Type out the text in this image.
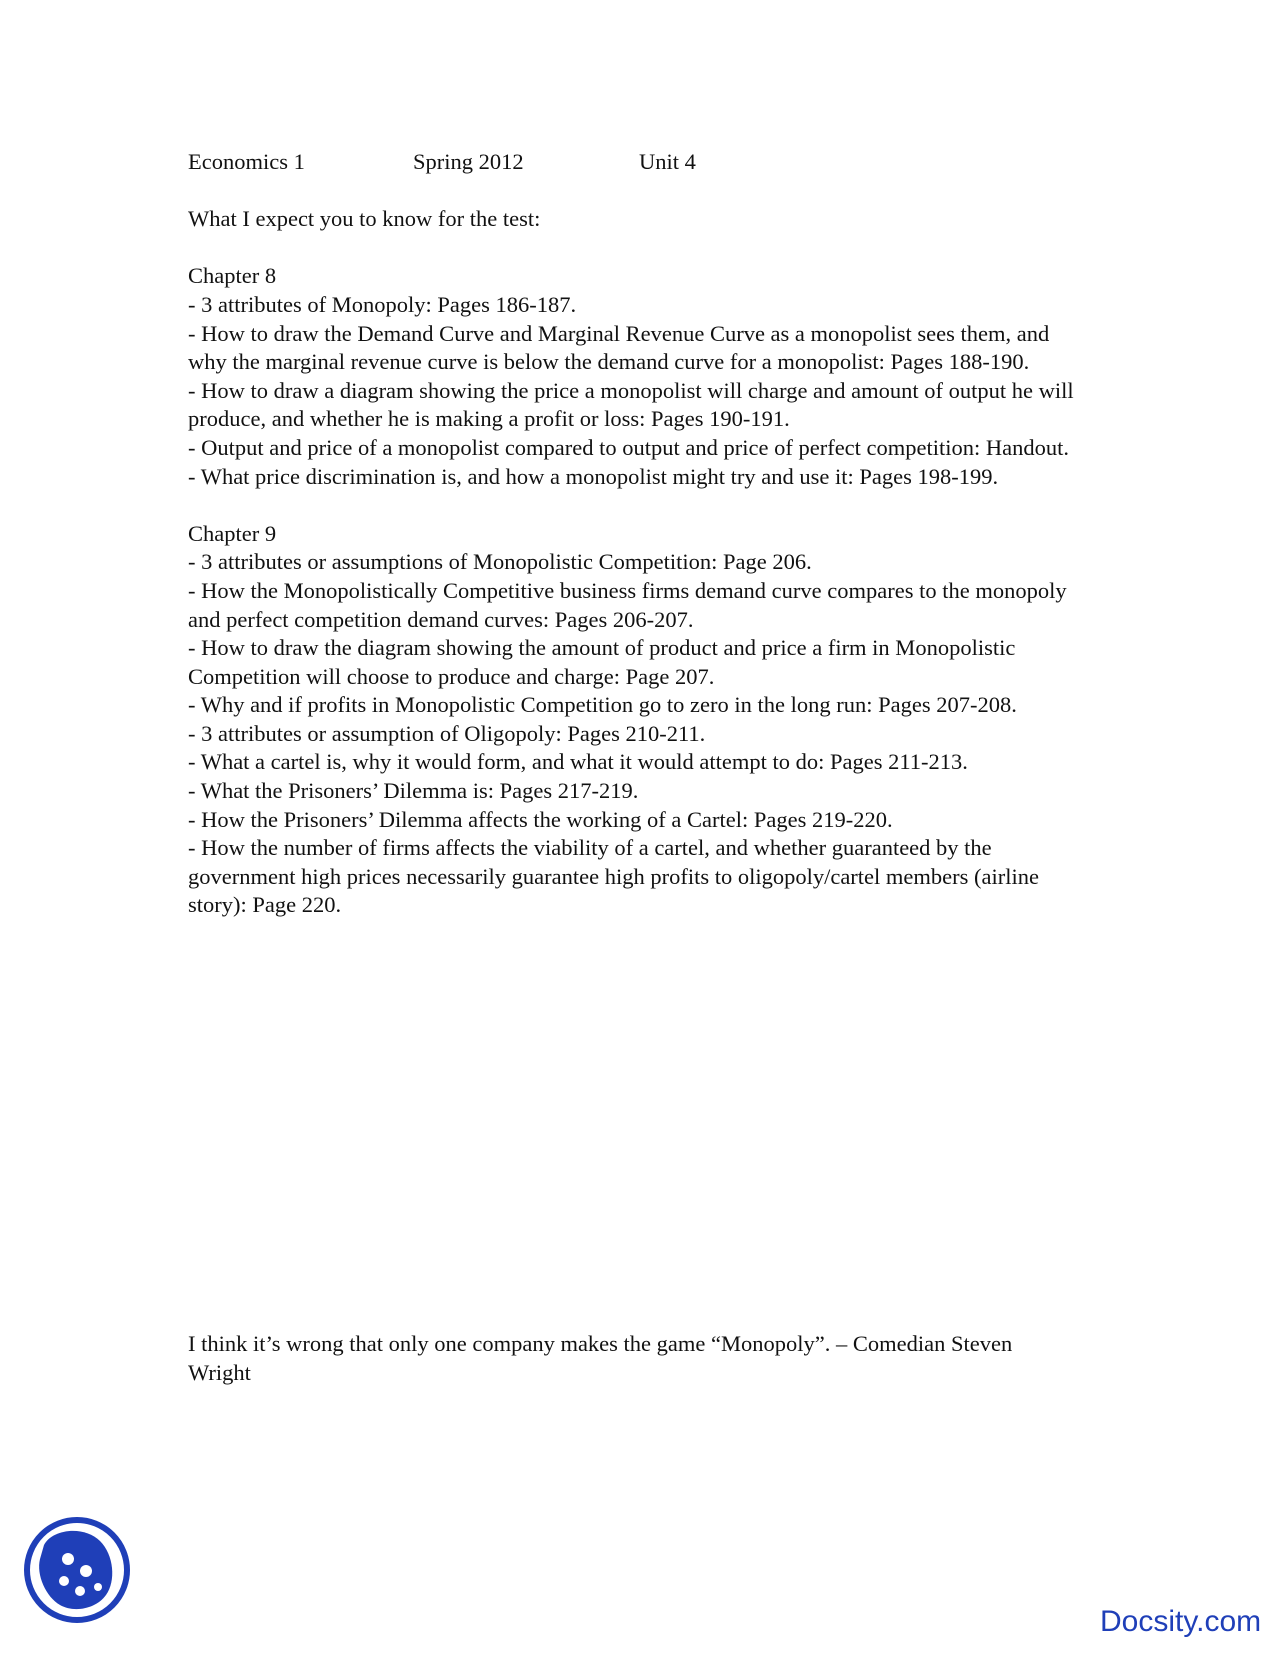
Economics 1	Spring 2012	Unit 4
What I expect you to know for the test:
Chapter 8
- 3 attributes of Monopoly: Pages 186-187.
- How to draw the Demand Curve and Marginal Revenue Curve as a monopolist sees them, and why the marginal revenue curve is below the demand curve for a monopolist: Pages 188-190.
- How to draw a diagram showing the price a monopolist will charge and amount of output he will produce, and whether he is making a profit or loss: Pages 190-191.
- Output and price of a monopolist compared to output and price of perfect competition: Handout.
- What price discrimination is, and how a monopolist might try and use it: Pages 198-199.
Chapter 9
- 3 attributes or assumptions of Monopolistic Competition: Page 206.
- How the Monopolistically Competitive business firms demand curve compares to the monopoly and perfect competition demand curves: Pages 206-207.
- How to draw the diagram showing the amount of product and price a firm in Monopolistic Competition will choose to produce and charge: Page 207.
- Why and if profits in Monopolistic Competition go to zero in the long run: Pages 207-208.
- 3 attributes or assumption of Oligopoly: Pages 210-211.
- What a cartel is, why it would form, and what it would attempt to do: Pages 211-213.
- What the Prisoners’ Dilemma is: Pages 217-219.
- How the Prisoners’ Dilemma affects the working of a Cartel: Pages 219-220.
- How the number of firms affects the viability of a cartel, and whether guaranteed by the government high prices necessarily guarantee high profits to oligopoly/cartel members (airline story): Page 220.
I think it’s wrong that only one company makes the game “Monopoly”. – Comedian Steven Wright
Docsity.com
